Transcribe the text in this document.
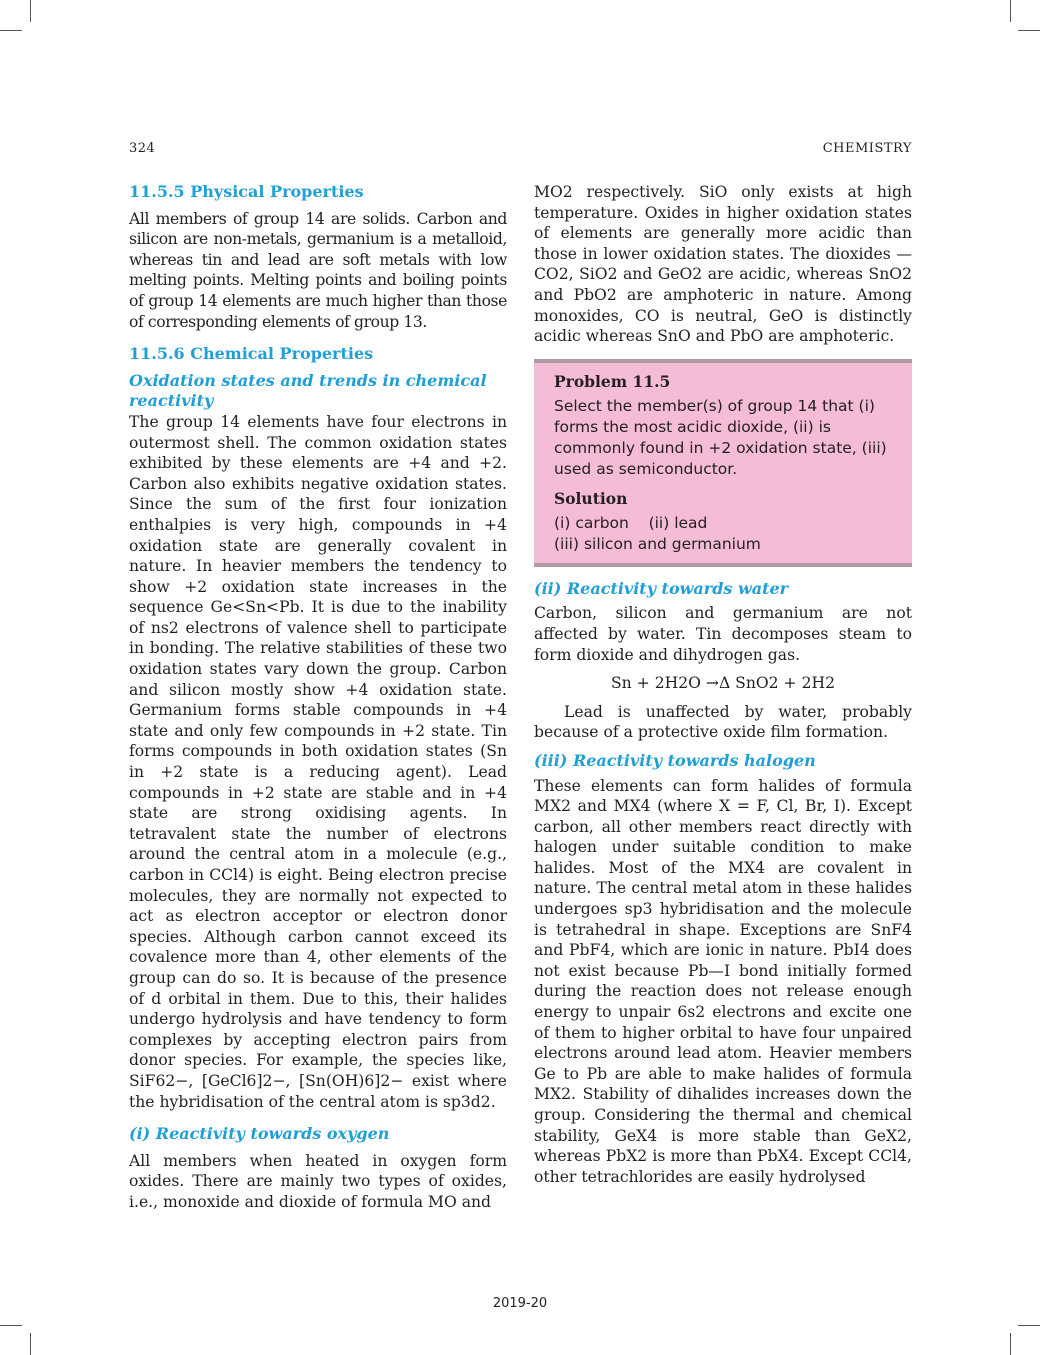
324	CHEMISTRY

11.5.5 Physical Properties

All members of group 14 are solids. Carbon and silicon are non-metals, germanium is a metalloid, whereas tin and lead are soft metals with low melting points. Melting points and boiling points of group 14 elements are much higher than those of corresponding elements of group 13.

11.5.6 Chemical Properties

Oxidation states and trends in chemical reactivity

The group 14 elements have four electrons in outermost shell. The common oxidation states exhibited by these elements are +4 and +2. Carbon also exhibits negative oxidation states. Since the sum of the first four ionization enthalpies is very high, compounds in +4 oxidation state are generally covalent in nature. In heavier members the tendency to show +2 oxidation state increases in the sequence Ge<Sn<Pb. It is due to the inability of ns2 electrons of valence shell to participate in bonding. The relative stabilities of these two oxidation states vary down the group. Carbon and silicon mostly show +4 oxidation state. Germanium forms stable compounds in +4 state and only few compounds in +2 state. Tin forms compounds in both oxidation states (Sn in +2 state is a reducing agent). Lead compounds in +2 state are stable and in +4 state are strong oxidising agents. In tetravalent state the number of electrons around the central atom in a molecule (e.g., carbon in CCl4) is eight. Being electron precise molecules, they are normally not expected to act as electron acceptor or electron donor species. Although carbon cannot exceed its covalence more than 4, other elements of the group can do so. It is because of the presence of d orbital in them. Due to this, their halides undergo hydrolysis and have tendency to form complexes by accepting electron pairs from donor species. For example, the species like, SiF62−, [GeCl6]2−, [Sn(OH)6]2− exist where the hybridisation of the central atom is sp3d2.

(i) Reactivity towards oxygen

All members when heated in oxygen form oxides. There are mainly two types of oxides, i.e., monoxide and dioxide of formula MO and

MO2 respectively. SiO only exists at high temperature. Oxides in higher oxidation states of elements are generally more acidic than those in lower oxidation states. The dioxides — CO2, SiO2 and GeO2 are acidic, whereas SnO2 and PbO2 are amphoteric in nature. Among monoxides, CO is neutral, GeO is distinctly acidic whereas SnO and PbO are amphoteric.

Problem 11.5

Select the member(s) of group 14 that (i) forms the most acidic dioxide, (ii) is commonly found in +2 oxidation state, (iii) used as semiconductor.

Solution

(i) carbon    (ii) lead

(iii) silicon and germanium

(ii) Reactivity towards water

Carbon, silicon and germanium are not affected by water. Tin decomposes steam to form dioxide and dihydrogen gas.

Sn + 2H2O →Δ SnO2 + 2H2

Lead is unaffected by water, probably because of a protective oxide film formation.

(iii) Reactivity towards halogen

These elements can form halides of formula MX2 and MX4 (where X = F, Cl, Br, I). Except carbon, all other members react directly with halogen under suitable condition to make halides. Most of the MX4 are covalent in nature. The central metal atom in these halides undergoes sp3 hybridisation and the molecule is tetrahedral in shape. Exceptions are SnF4 and PbF4, which are ionic in nature. PbI4 does not exist because Pb—I bond initially formed during the reaction does not release enough energy to unpair 6s2 electrons and excite one of them to higher orbital to have four unpaired electrons around lead atom. Heavier members Ge to Pb are able to make halides of formula MX2. Stability of dihalides increases down the group. Considering the thermal and chemical stability, GeX4 is more stable than GeX2, whereas PbX2 is more than PbX4. Except CCl4, other tetrachlorides are easily hydrolysed

2019-20
